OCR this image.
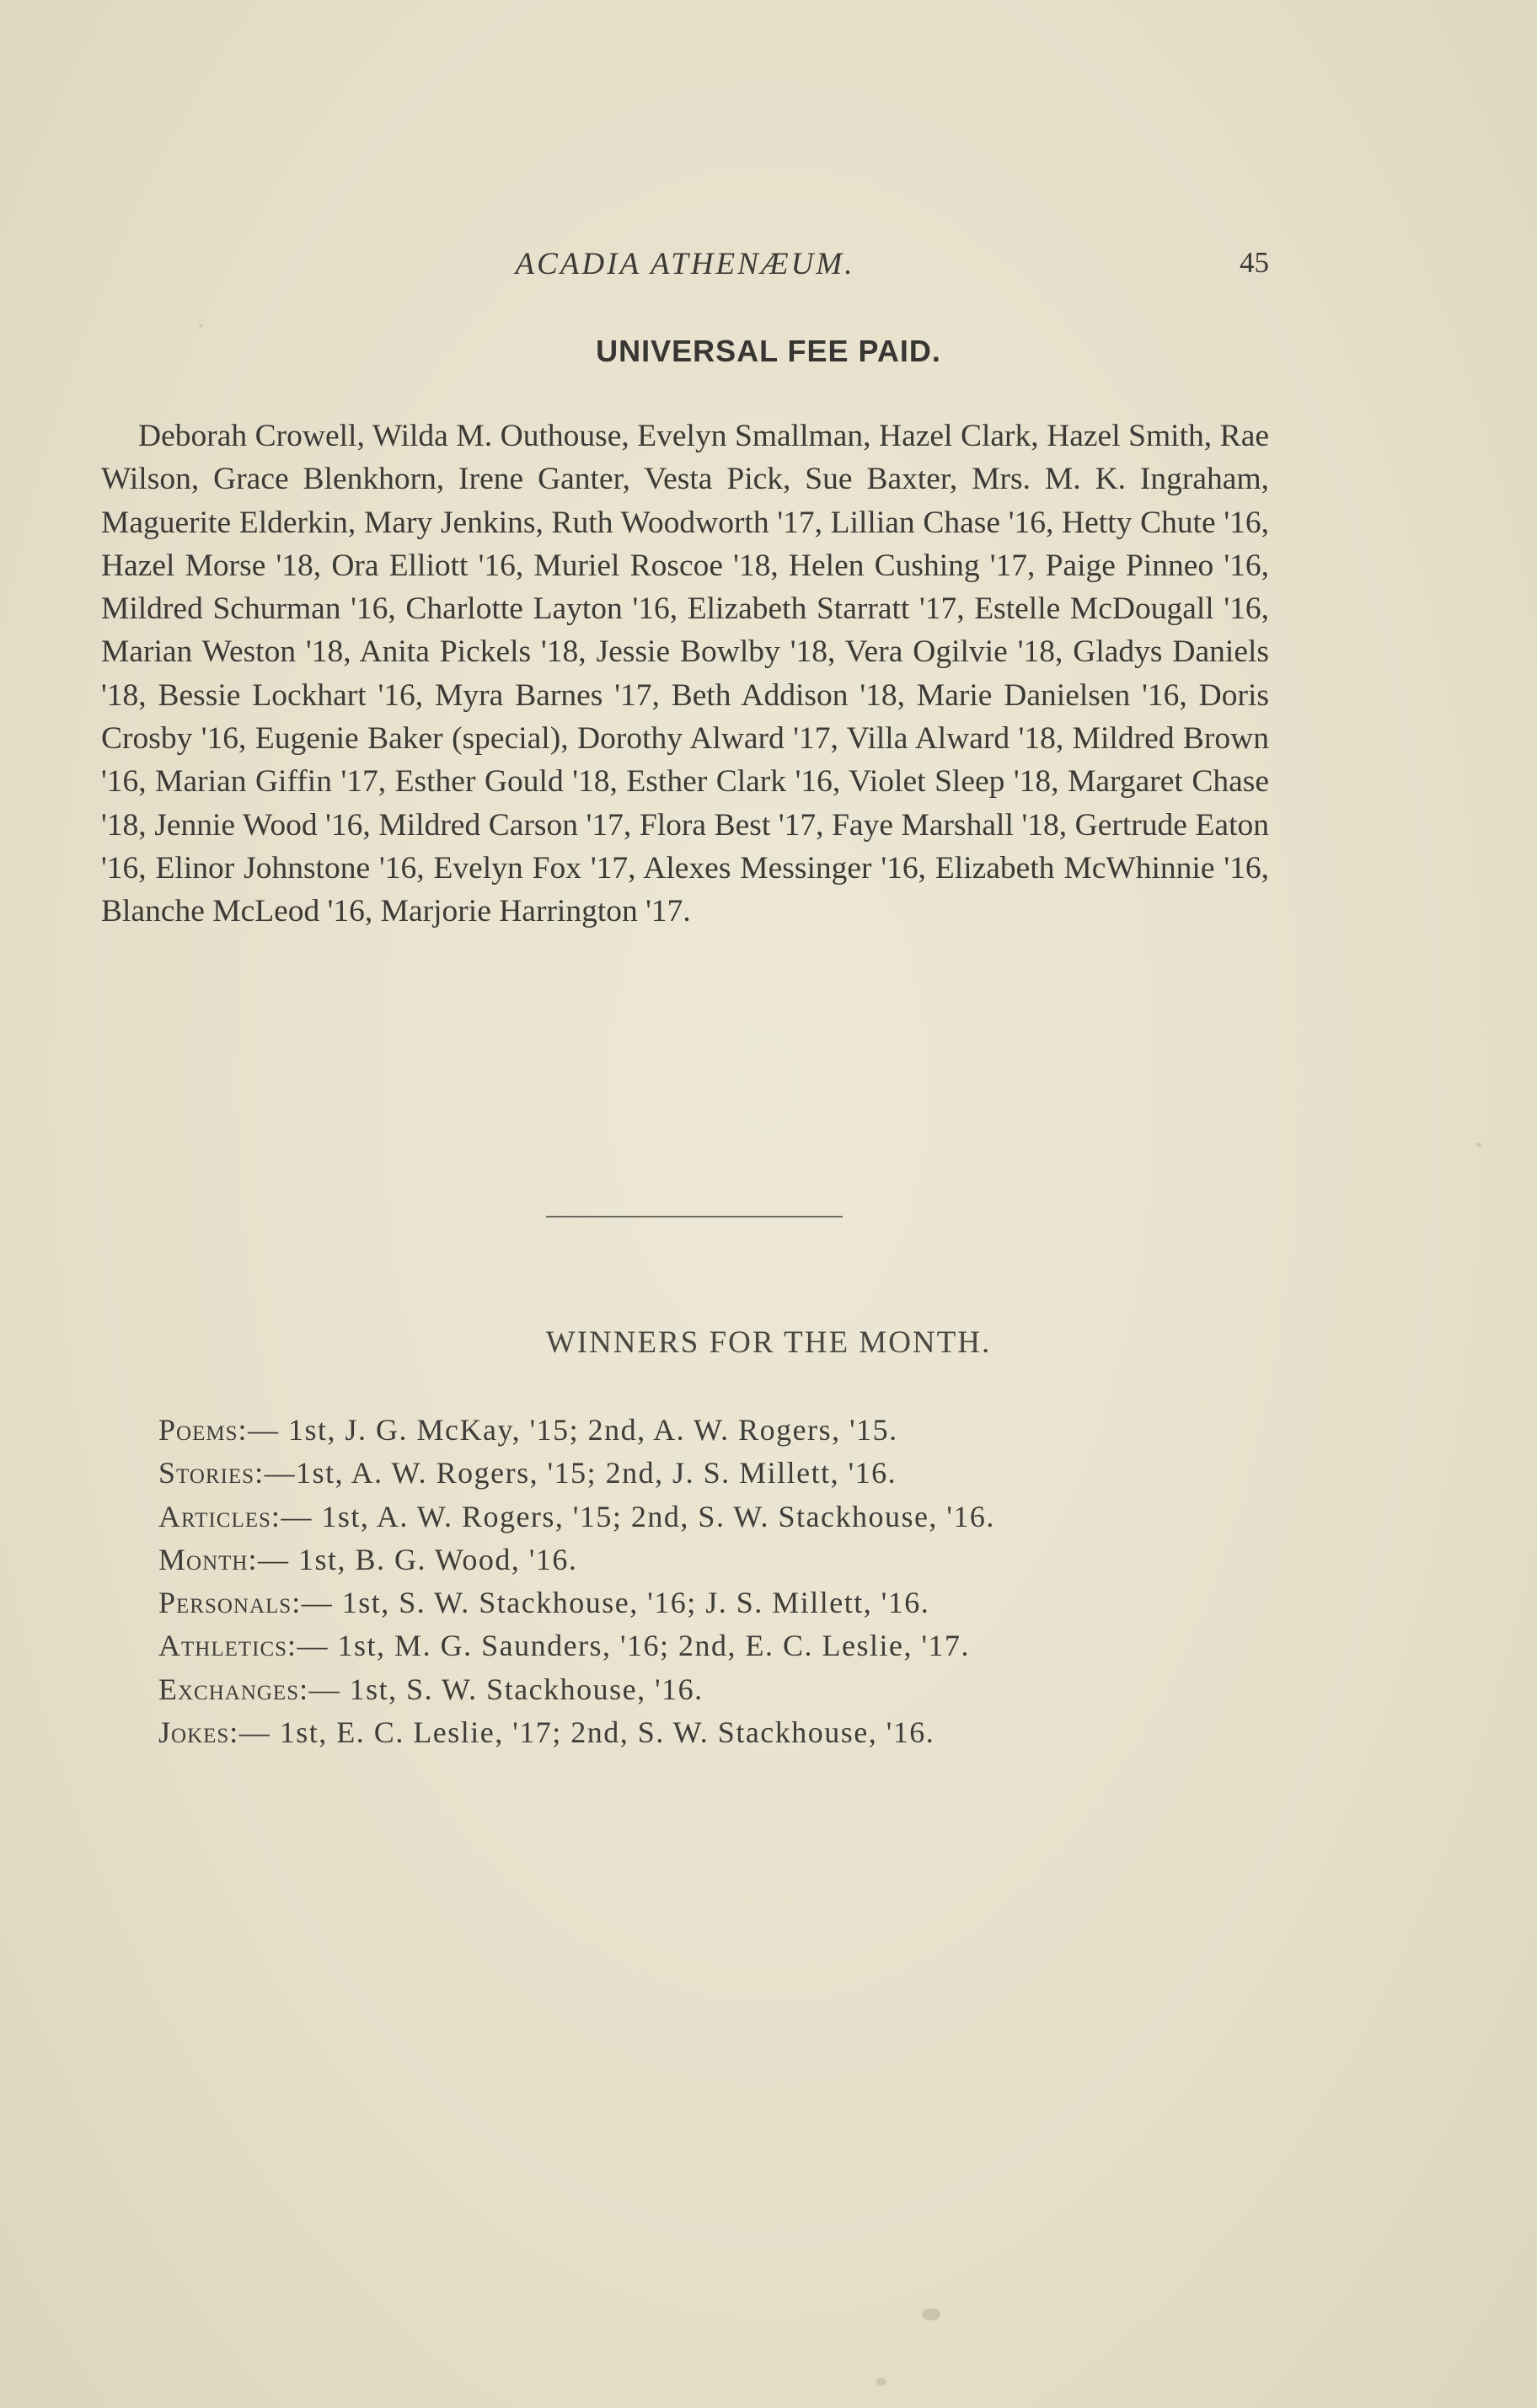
ACADIA ATHENÆUM.	45
UNIVERSAL FEE PAID.

Deborah Crowell, Wilda M. Outhouse, Evelyn Smallman, Hazel Clark, Hazel Smith, Rae Wilson, Grace Blenkhorn, Irene Ganter, Vesta Pick, Sue Baxter, Mrs. M. K. Ingraham, Maguerite Elderkin, Mary Jenkins, Ruth Woodworth '17, Lillian Chase '16, Hetty Chute '16, Hazel Morse '18, Ora Elliott '16, Muriel Roscoe '18, Helen Cushing '17, Paige Pinneo '16, Mildred Schurman '16, Charlotte Layton '16, Elizabeth Starratt '17, Estelle McDougall '16, Marian Weston '18, Anita Pickels '18, Jessie Bowlby '18, Vera Ogilvie '18, Gladys Daniels '18, Bessie Lockhart '16, Myra Barnes '17, Beth Addison '18, Marie Danielsen '16, Doris Crosby '16, Eugenie Baker (special), Dorothy Alward '17, Villa Alward '18, Mildred Brown '16, Marian Giffin '17, Esther Gould '18, Esther Clark '16, Violet Sleep '18, Margaret Chase '18, Jennie Wood '16, Mildred Carson '17, Flora Best '17, Faye Marshall '18, Gertrude Eaton '16, Elinor Johnstone '16, Evelyn Fox '17, Alexes Messinger '16, Elizabeth McWhinnie '16, Blanche McLeod '16, Marjorie Harrington '17.

WINNERS FOR THE MONTH.
Poems:— 1st, J. G. McKay, '15; 2nd, A. W. Rogers, '15.
Stories:—1st, A. W. Rogers, '15; 2nd, J. S. Millett, '16.
Articles:— 1st, A. W. Rogers, '15; 2nd, S. W. Stackhouse, '16.
Month:— 1st, B. G. Wood, '16.
Personals:— 1st, S. W. Stackhouse, '16; J. S. Millett, '16.
Athletics:— 1st, M. G. Saunders, '16; 2nd, E. C. Leslie, '17.
Exchanges:— 1st, S. W. Stackhouse, '16.
Jokes:— 1st, E. C. Leslie, '17; 2nd, S. W. Stackhouse, '16.
